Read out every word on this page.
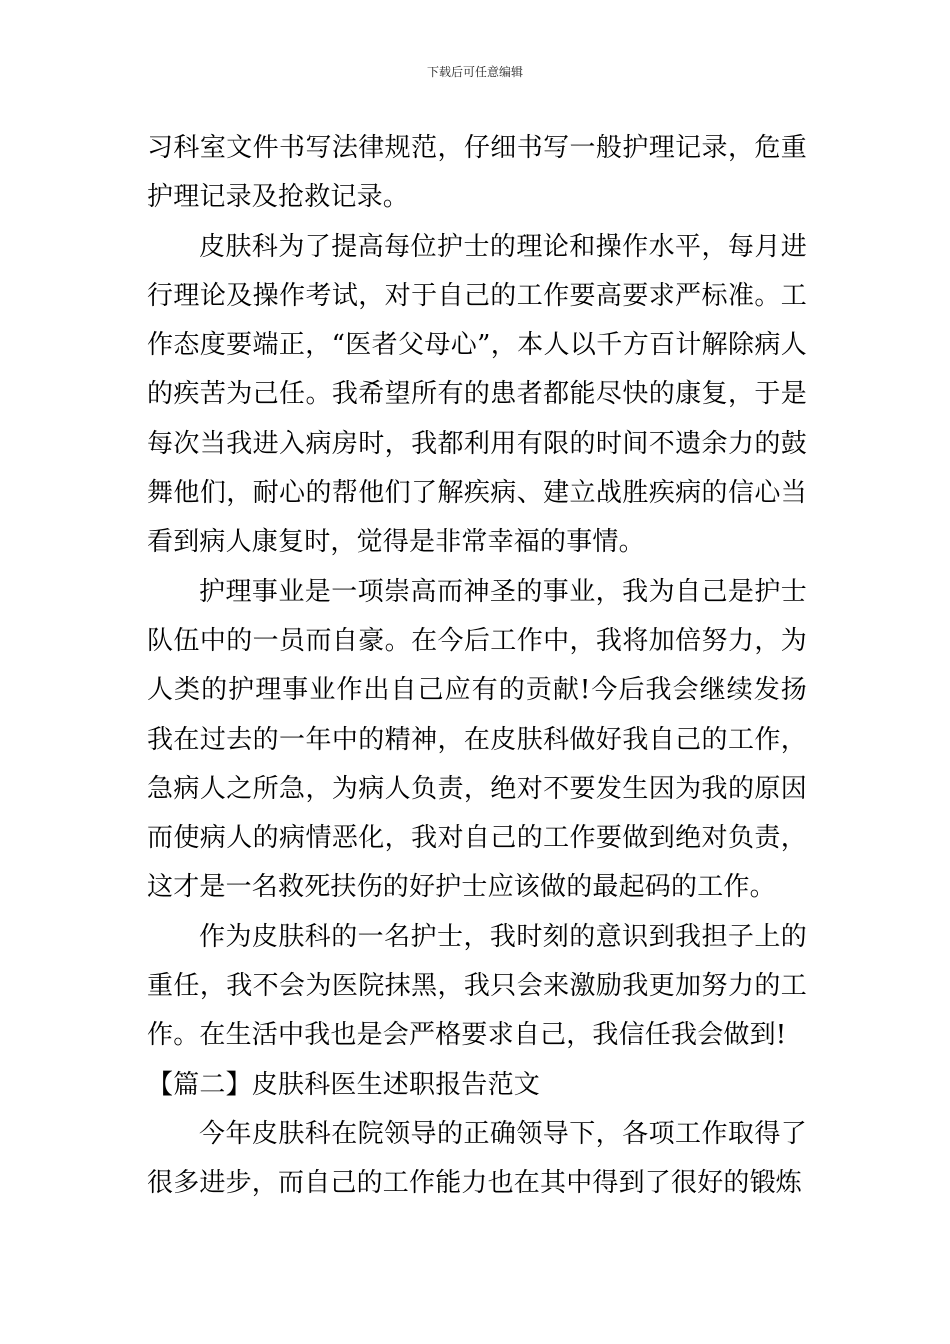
下载后可任意编辑

习科室文件书写法律规范，仔细书写一般护理记录，危重护理记录及抢救记录。

皮肤科为了提高每位护士的理论和操作水平，每月进行理论及操作考试，对于自己的工作要高要求严标准。工作态度要端正，“医者父母心”，本人以千方百计解除病人的疾苦为己任。我希望所有的患者都能尽快的康复，于是每次当我进入病房时，我都利用有限的时间不遗余力的鼓舞他们，耐心的帮他们了解疾病、建立战胜疾病的信心当看到病人康复时，觉得是非常幸福的事情。

护理事业是一项崇高而神圣的事业，我为自己是护士队伍中的一员而自豪。在今后工作中，我将加倍努力，为人类的护理事业作出自己应有的贡献!今后我会继续发扬我在过去的一年中的精神，在皮肤科做好我自己的工作，急病人之所急，为病人负责，绝对不要发生因为我的原因而使病人的病情恶化，我对自己的工作要做到绝对负责，这才是一名救死扶伤的好护士应该做的最起码的工作。

作为皮肤科的一名护士，我时刻的意识到我担子上的重任，我不会为医院抹黑，我只会来激励我更加努力的工作。在生活中我也是会严格要求自己，我信任我会做到!

【篇二】皮肤科医生述职报告范文

今年皮肤科在院领导的正确领导下，各项工作取得了很多进步，而自己的工作能力也在其中得到了很好的锻炼
